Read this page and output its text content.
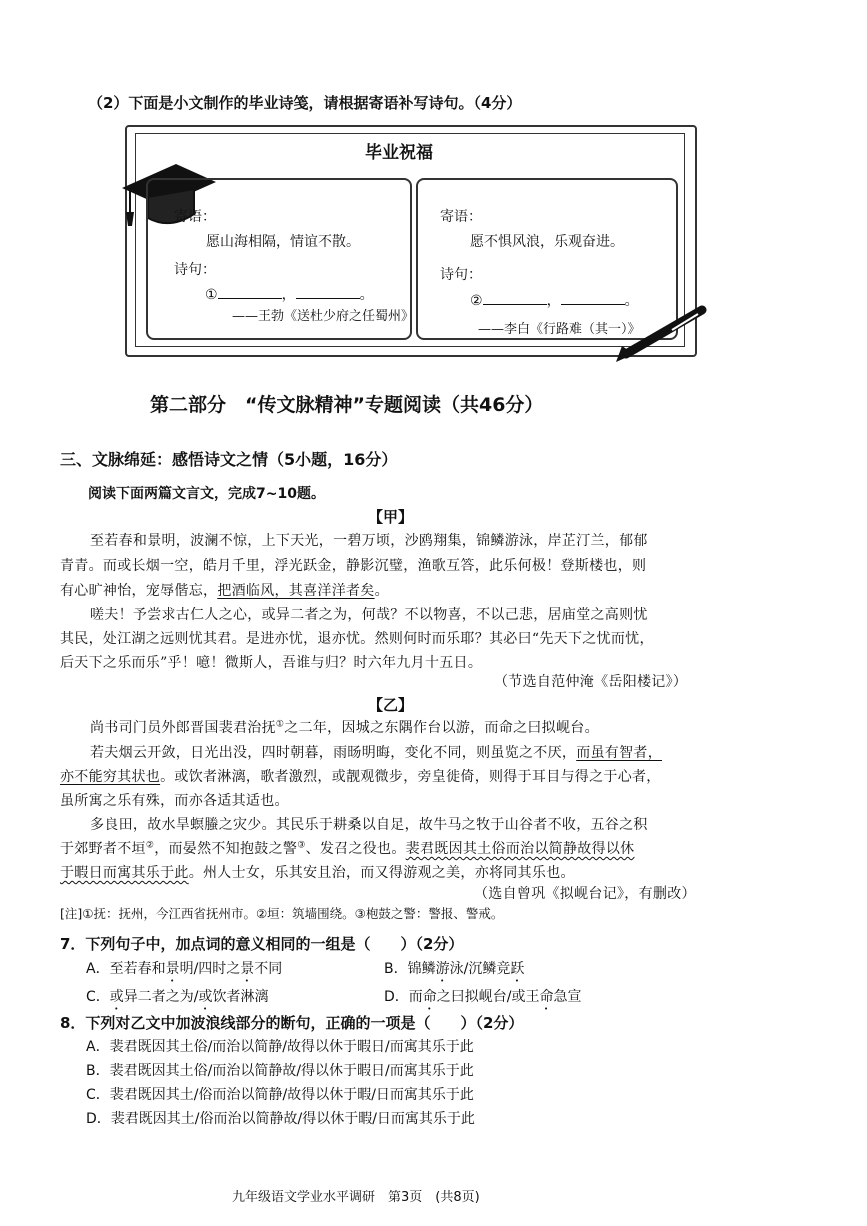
（2）下面是小文制作的毕业诗笺，请根据寄语补写诗句。（4分）
毕业祝福
寄语：
愿山海相隔，情谊不散。
诗句：
①	，	。
——王勃《送杜少府之任蜀州》
寄语：
愿不惧风浪，乐观奋进。
诗句：
②	，	。
——李白《行路难（其一）》
第二部分　“传文脉精神”专题阅读（共46分）
三、文脉绵延：感悟诗文之情（5小题，16分）
阅读下面两篇文言文，完成7~10题。
【甲】
至若春和景明，波澜不惊，上下天光，一碧万顷，沙鸥翔集，锦鳞游泳，岸芷汀兰，郁郁
青青。而或长烟一空，皓月千里，浮光跃金，静影沉璧，渔歌互答，此乐何极！登斯楼也，则
有心旷神怡，宠辱偕忘，把酒临风，其喜洋洋者矣。
嗟夫！予尝求古仁人之心，或异二者之为，何哉？不以物喜，不以己悲，居庙堂之高则忧
其民，处江湖之远则忧其君。是进亦忧，退亦忧。然则何时而乐耶？其必曰“先天下之忧而忧，
后天下之乐而乐”乎！噫！微斯人，吾谁与归？时六年九月十五日。
（节选自范仲淹《岳阳楼记》）
【乙】
尚书司门员外郎晋国裴君治抚①之二年，因城之东隅作台以游，而命之曰拟岘台。
若夫烟云开敛，日光出没，四时朝暮，雨旸明晦，变化不同，则虽览之不厌，而虽有智者，
亦不能穷其状也。或饮者淋漓，歌者激烈，或靓观微步，旁皇徙倚，则得于耳目与得之于心者，
虽所寓之乐有殊，而亦各适其适也。
多良田，故水旱螟螣之灾少。其民乐于耕桑以自足，故牛马之牧于山谷者不收，五谷之积
于郊野者不垣②，而晏然不知抱鼓之警③、发召之役也。裴君既因其土俗而治以简静故得以休
于暇日而寓其乐于此。州人士女，乐其安且治，而又得游观之美，亦将同其乐也。
（选自曾巩《拟岘台记》，有删改）
[注]①抚：抚州，今江西省抚州市。②垣：筑墙围绕。③枹鼓之警：警报、警戒。
7．下列句子中，加点词的意义相同的一组是（　　）（2分）
A．至若春和景明/四时之景不同	B．锦鳞游泳/沉鳞竞跃
C．或异二者之为/或饮者淋漓	D．而命之曰拟岘台/或王命急宣
8．下列对乙文中加波浪线部分的断句，正确的一项是（　　）（2分）
A．裴君既因其土俗/而治以简静/故得以休于暇日/而寓其乐于此
B．裴君既因其土俗/而治以简静故/得以休于暇日/而寓其乐于此
C．裴君既因其土/俗而治以简静/故得以休于暇/日而寓其乐于此
D．裴君既因其土/俗而治以简静故/得以休于暇/日而寓其乐于此
九年级语文学业水平调研　第3页　(共8页)
